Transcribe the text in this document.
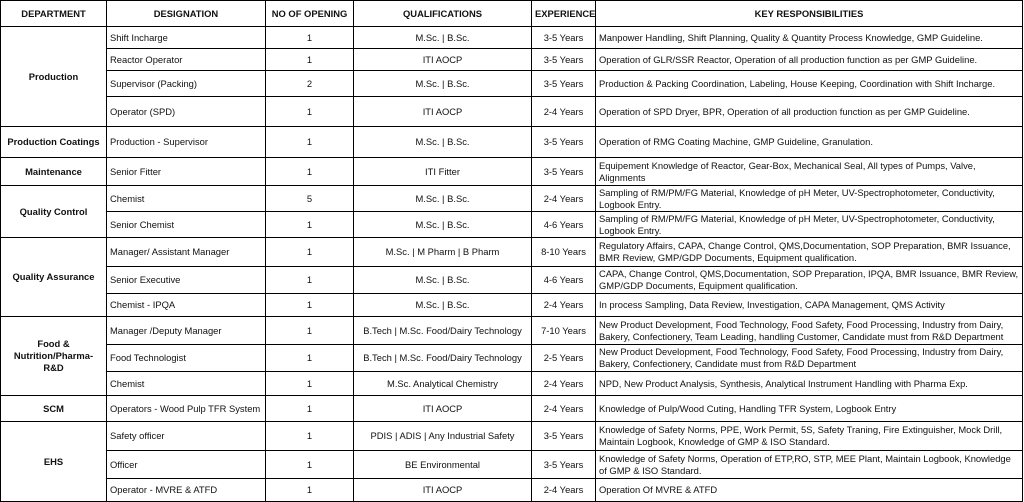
DEPARTMENT	DESIGNATION	NO OF OPENING	QUALIFICATIONS	EXPERIENCE	KEY RESPONSIBILITIES
Production	Shift Incharge	1	M.Sc. | B.Sc.	3-5 Years	Manpower Handling, Shift Planning, Quality & Quantity Process Knowledge, GMP Guideline.
	Reactor Operator	1	ITI AOCP	3-5 Years	Operation of GLR/SSR Reactor, Operation of all production function as per GMP Guideline.
	Supervisor (Packing)	2	M.Sc. | B.Sc.	3-5 Years	Production & Packing Coordination, Labeling, House Keeping, Coordination with Shift Incharge.
	Operator (SPD)	1	ITI AOCP	2-4 Years	Operation of SPD Dryer, BPR, Operation of all production function as per GMP Guideline.
Production Coatings	Production - Supervisor	1	M.Sc. | B.Sc.	3-5 Years	Operation of RMG Coating Machine, GMP Guideline, Granulation.
Maintenance	Senior Fitter	1	ITI Fitter	3-5 Years	Equipement Knowledge of Reactor, Gear-Box, Mechanical Seal, All types of Pumps, Valve, Alignments
Quality Control	Chemist	5	M.Sc. | B.Sc.	2-4 Years	Sampling of RM/PM/FG Material, Knowledge of pH Meter, UV-Spectrophotometer, Conductivity, Logbook Entry.
	Senior Chemist	1	M.Sc. | B.Sc.	4-6 Years	Sampling of RM/PM/FG Material, Knowledge of pH Meter, UV-Spectrophotometer, Conductivity, Logbook Entry.
Quality Assurance	Manager/ Assistant Manager	1	M.Sc. | M Pharm | B Pharm	8-10 Years	Regulatory Affairs, CAPA, Change Control, QMS,Documentation, SOP Preparation, BMR Issuance, BMR Review, GMP/GDP Documents, Equipment qualification.
	Senior Executive	1	M.Sc. | B.Sc.	4-6 Years	CAPA, Change Control, QMS,Documentation, SOP Preparation, IPQA, BMR Issuance, BMR Review, GMP/GDP Documents, Equipment qualification.
	Chemist - IPQA	1	M.Sc. | B.Sc.	2-4 Years	In process Sampling, Data Review, Investigation, CAPA Management, QMS Activity
Food & Nutrition/Pharma-R&D	Manager /Deputy Manager	1	B.Tech | M.Sc. Food/Dairy Technology	7-10 Years	New Product Development, Food Technology, Food Safety, Food Processing, Industry from Dairy, Bakery, Confectionery, Team Leading, handling Customer, Candidate must from R&D Department
	Food Technologist	1	B.Tech | M.Sc. Food/Dairy Technology	2-5 Years	New Product Development, Food Technology, Food Safety, Food Processing, Industry from Dairy, Bakery, Confectionery, Candidate must from R&D Department
	Chemist	1	M.Sc. Analytical Chemistry	2-4 Years	NPD, New Product Analysis, Synthesis, Analytical Instrument Handling with Pharma Exp.
SCM	Operators - Wood Pulp TFR System	1	ITI AOCP	2-4 Years	Knowledge of Pulp/Wood Cuting, Handling TFR System, Logbook Entry
EHS	Safety officer	1	PDIS | ADIS | Any Industrial Safety	3-5 Years	Knowledge of Safety Norms, PPE, Work Permit, 5S, Safety Traning, Fire Extinguisher, Mock Drill, Maintain Logbook, Knowledge of GMP & ISO Standard.
	Officer	1	BE Environmental	3-5 Years	Knowledge of Safety Norms, Operation of ETP,RO, STP, MEE Plant, Maintain Logbook, Knowledge of GMP & ISO Standard.
	Operator - MVRE & ATFD	1	ITI AOCP	2-4 Years	Operation Of MVRE & ATFD
